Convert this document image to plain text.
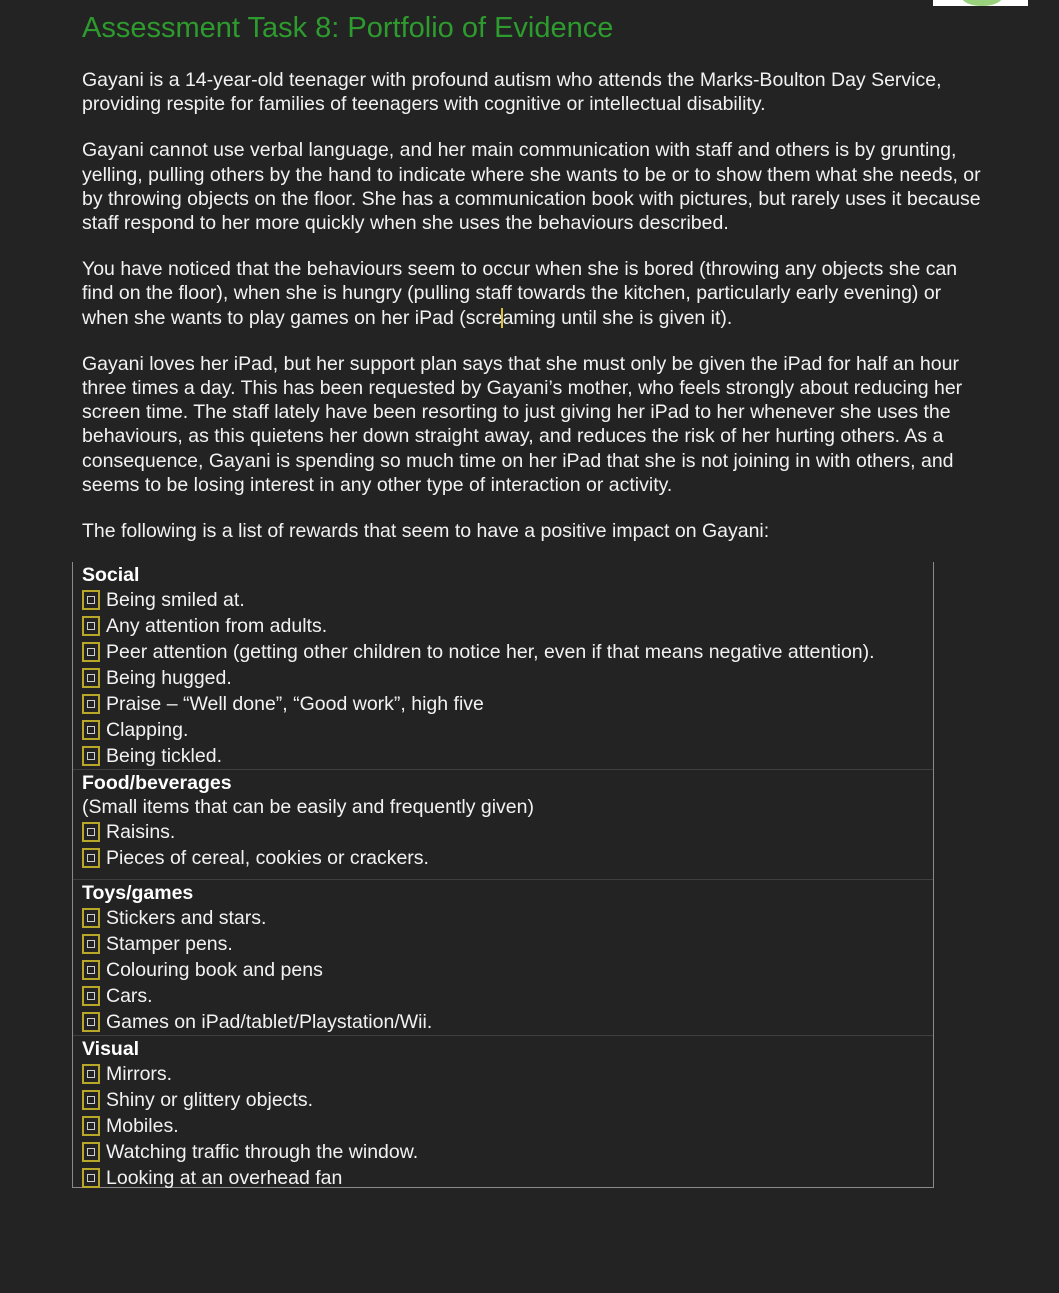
Assessment Task 8: Portfolio of Evidence

Gayani is a 14-year-old teenager with profound autism who attends the Marks-Boulton Day Service, providing respite for families of teenagers with cognitive or intellectual disability.

Gayani cannot use verbal language, and her main communication with staff and others is by grunting, yelling, pulling others by the hand to indicate where she wants to be or to show them what she needs, or by throwing objects on the floor. She has a communication book with pictures, but rarely uses it because staff respond to her more quickly when she uses the behaviours described.

You have noticed that the behaviours seem to occur when she is bored (throwing any objects she can find on the floor), when she is hungry (pulling staff towards the kitchen, particularly early evening) or when she wants to play games on her iPad (screaming until she is given it).

Gayani loves her iPad, but her support plan says that she must only be given the iPad for half an hour three times a day. This has been requested by Gayani’s mother, who feels strongly about reducing her screen time. The staff lately have been resorting to just giving her iPad to her whenever she uses the behaviours, as this quietens her down straight away, and reduces the risk of her hurting others. As a consequence, Gayani is spending so much time on her iPad that she is not joining in with others, and seems to be losing interest in any other type of interaction or activity.

The following is a list of rewards that seem to have a positive impact on Gayani:

Social
Being smiled at.
Any attention from adults.
Peer attention (getting other children to notice her, even if that means negative attention).
Being hugged.
Praise – “Well done”, “Good work”, high five
Clapping.
Being tickled.
Food/beverages
(Small items that can be easily and frequently given)
Raisins.
Pieces of cereal, cookies or crackers.
Toys/games
Stickers and stars.
Stamper pens.
Colouring book and pens
Cars.
Games on iPad/tablet/Playstation/Wii.
Visual
Mirrors.
Shiny or glittery objects.
Mobiles.
Watching traffic through the window.
Looking at an overhead fan
